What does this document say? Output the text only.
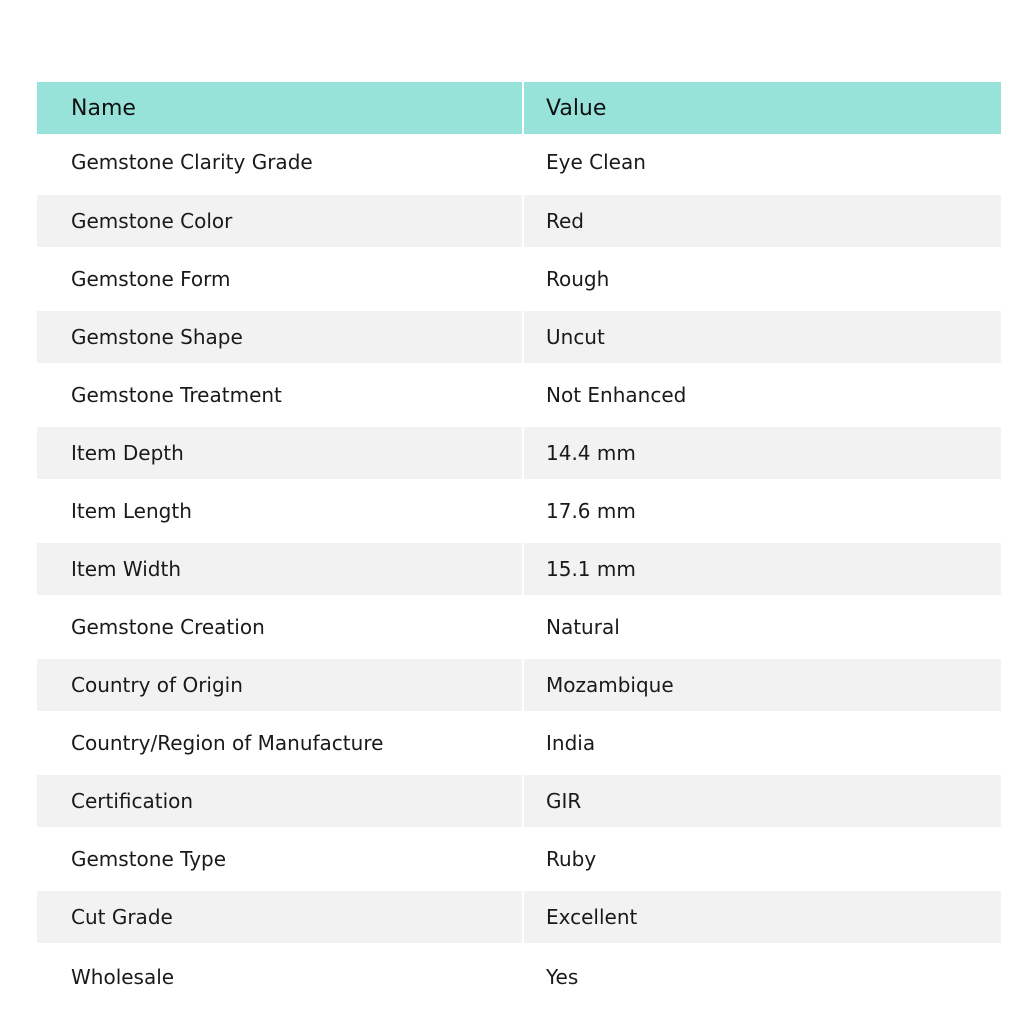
Name	Value
Gemstone Clarity Grade	Eye Clean
Gemstone Color	Red
Gemstone Form	Rough
Gemstone Shape	Uncut
Gemstone Treatment	Not Enhanced
Item Depth	14.4 mm
Item Length	17.6 mm
Item Width	15.1 mm
Gemstone Creation	Natural
Country of Origin	Mozambique
Country/Region of Manufacture	India
Certification	GIR
Gemstone Type	Ruby
Cut Grade	Excellent
Wholesale	Yes
